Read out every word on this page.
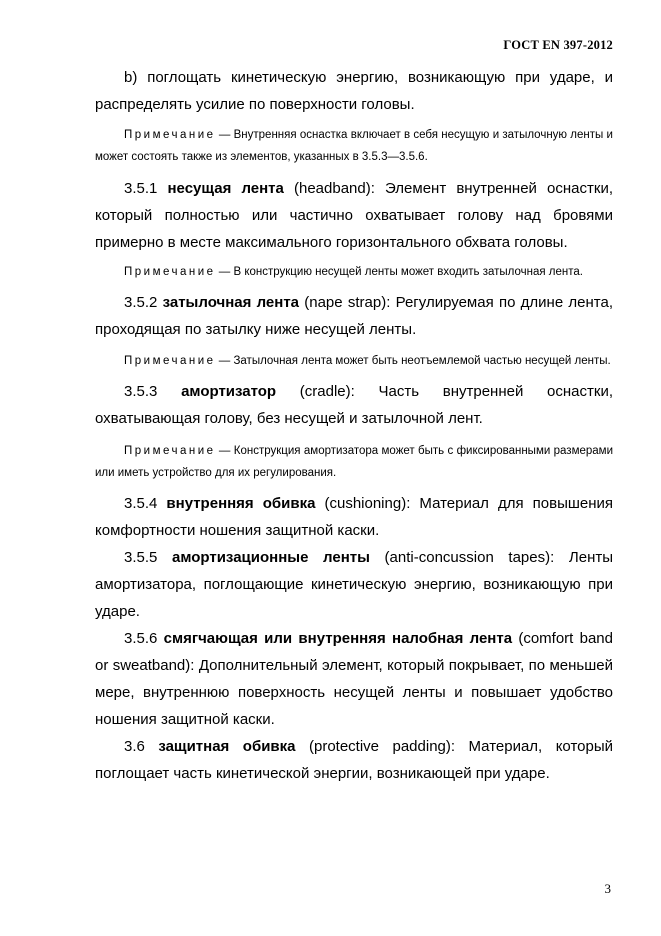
ГОСТ EN 397-2012

b) поглощать кинетическую энергию, возникающую при ударе, и распределять усилие по поверхности головы.

Примечание — Внутренняя оснастка включает в себя несущую и затылочную ленты и может состоять также из элементов, указанных в 3.5.3—3.5.6.

3.5.1 несущая лента (headband): Элемент внутренней оснастки, который полностью или частично охватывает голову над бровями примерно в месте максимального горизонтального обхвата головы.

Примечание — В конструкцию несущей ленты может входить затылочная лента.

3.5.2 затылочная лента (nape strap): Регулируемая по длине лента, проходящая по затылку ниже несущей ленты.

Примечание — Затылочная лента может быть неотъемлемой частью несущей ленты.

3.5.3 амортизатор (cradle): Часть внутренней оснастки, охватывающая голову, без несущей и затылочной лент.

Примечание — Конструкция амортизатора может быть с фиксированными размерами или иметь устройство для их регулирования.

3.5.4 внутренняя обивка (cushioning): Материал для повышения комфортности ношения защитной каски.

3.5.5 амортизационные ленты (anti-concussion tapes): Ленты амортизатора, поглощающие кинетическую энергию, возникающую при ударе.

3.5.6 смягчающая или внутренняя налобная лента (comfort band or sweatband): Дополнительный элемент, который покрывает, по меньшей мере, внутреннюю поверхность несущей ленты и повышает удобство ношения защитной каски.

3.6 защитная обивка (protective padding): Материал, который поглощает часть кинетической энергии, возникающей при ударе.

3
